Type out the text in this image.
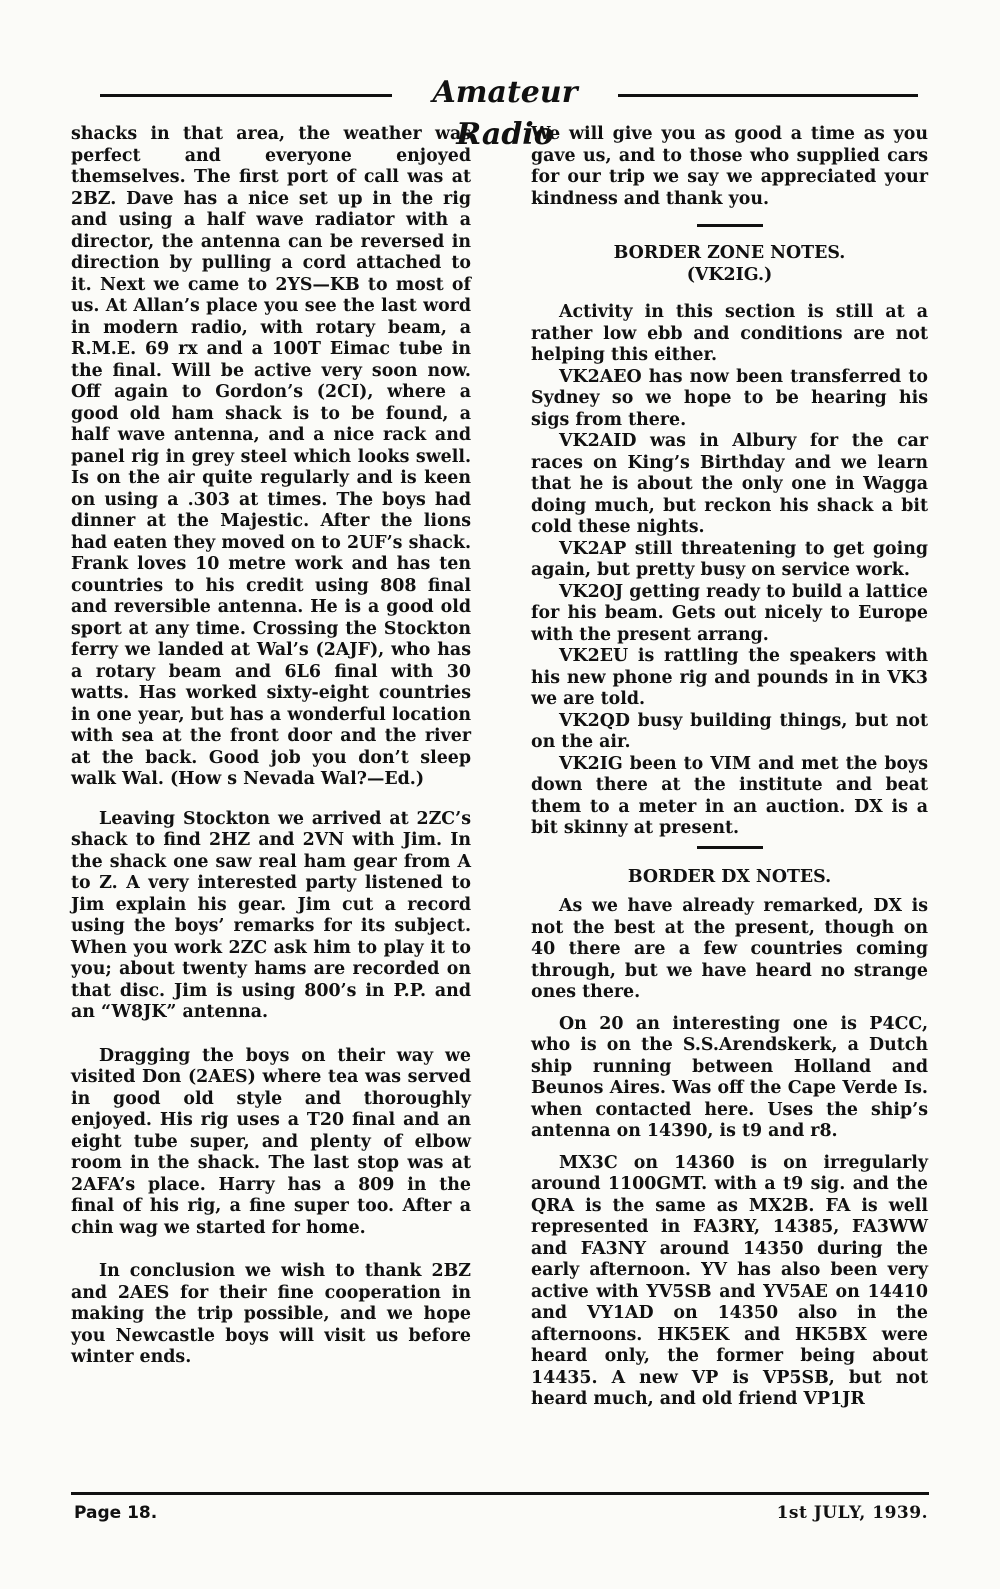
Amateur Radio

shacks in that area, the weather was perfect and everyone enjoyed themselves. The first port of call was at 2BZ. Dave has a nice set up in the rig and using a half wave radiator with a director, the antenna can be reversed in direction by pulling a cord attached to it. Next we came to 2YS—KB to most of us. At Allan’s place you see the last word in modern radio, with rotary beam, a R.M.E. 69 rx and a 100T Eimac tube in the final. Will be active very soon now. Off again to Gordon’s (2CI), where a good old ham shack is to be found, a half wave antenna, and a nice rack and panel rig in grey steel which looks swell. Is on the air quite regularly and is keen on using a .303 at times. The boys had dinner at the Majestic. After the lions had eaten they moved on to 2UF’s shack. Frank loves 10 metre work and has ten countries to his credit using 808 final and reversible antenna. He is a good old sport at any time. Crossing the Stockton ferry we landed at Wal’s (2AJF), who has a rotary beam and 6L6 final with 30 watts. Has worked sixty-eight countries in one year, but has a wonderful location with sea at the front door and the river at the back. Good job you don’t sleep walk Wal. (How s Nevada Wal?—Ed.)

Leaving Stockton we arrived at 2ZC’s shack to find 2HZ and 2VN with Jim. In the shack one saw real ham gear from A to Z. A very interested party listened to Jim explain his gear. Jim cut a record using the boys’ remarks for its subject. When you work 2ZC ask him to play it to you; about twenty hams are recorded on that disc. Jim is using 800’s in P.P. and an “W8JK” antenna.

Dragging the boys on their way we visited Don (2AES) where tea was served in good old style and thoroughly enjoyed. His rig uses a T20 final and an eight tube super, and plenty of elbow room in the shack. The last stop was at 2AFA’s place. Harry has a 809 in the final of his rig, a fine super too. After a chin wag we started for home.

In conclusion we wish to thank 2BZ and 2AES for their fine cooperation in making the trip possible, and we hope you Newcastle boys will visit us before winter ends.

We will give you as good a time as you gave us, and to those who supplied cars for our trip we say we appreciated your kindness and thank you.

BORDER ZONE NOTES.

(VK2IG.)

Activity in this section is still at a rather low ebb and conditions are not helping this either.

VK2AEO has now been transferred to Sydney so we hope to be hearing his sigs from there.

VK2AID was in Albury for the car races on King’s Birthday and we learn that he is about the only one in Wagga doing much, but reckon his shack a bit cold these nights.

VK2AP still threatening to get going again, but pretty busy on service work.

VK2OJ getting ready to build a lattice for his beam. Gets out nicely to Europe with the present arrang.

VK2EU is rattling the speakers with his new phone rig and pounds in in VK3 we are told.

VK2QD busy building things, but not on the air.

VK2IG been to VIM and met the boys down there at the institute and beat them to a meter in an auction. DX is a bit skinny at present.

BORDER DX NOTES.

As we have already remarked, DX is not the best at the present, though on 40 there are a few countries coming through, but we have heard no strange ones there.

On 20 an interesting one is P4CC, who is on the S.S.Arendskerk, a Dutch ship running between Holland and Beunos Aires. Was off the Cape Verde Is. when contacted here. Uses the ship’s antenna on 14390, is t9 and r8.

MX3C on 14360 is on irregularly around 1100GMT. with a t9 sig. and the QRA is the same as MX2B. FA is well represented in FA3RY, 14385, FA3WW and FA3NY around 14350 during the early afternoon. YV has also been very active with YV5SB and YV5AE on 14410 and VY1AD on 14350 also in the afternoons. HK5EK and HK5BX were heard only, the former being about 14435. A new VP is VP5SB, but not heard much, and old friend VP1JR

Page 18.	1st JULY, 1939.
